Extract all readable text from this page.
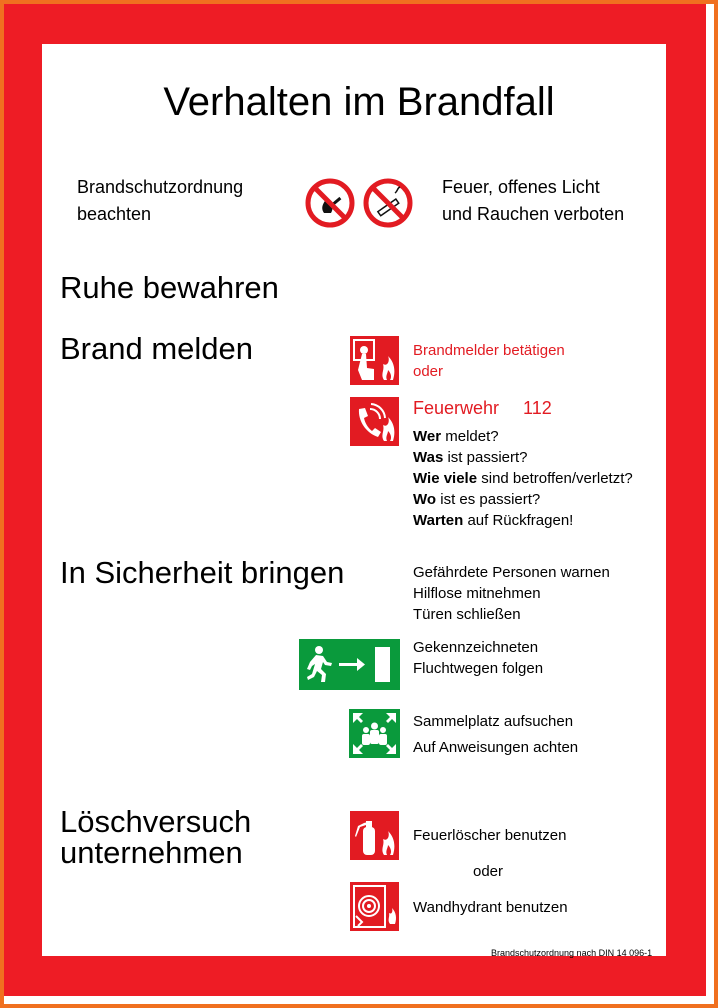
Verhalten im Brandfall
Brandschutzordnung
beachten
Feuer, offenes Licht
und Rauchen verboten
Ruhe bewahren
Brand melden	Brandmelder betätigen
oder
Feuerwehr 112
Wer meldet?
Was ist passiert?
Wie viele sind betroffen/verletzt?
Wo ist es passiert?
Warten auf Rückfragen!
In Sicherheit bringen	Gefährdete Personen warnen
Hilflose mitnehmen
Türen schließen
Gekennzeichneten
Fluchtwegen folgen
Sammelplatz aufsuchen
Auf Anweisungen achten
Löschversuch
unternehmen	Feuerlöscher benutzen
oder
Wandhydrant benutzen
Brandschutzordnung nach DIN 14 096-1
